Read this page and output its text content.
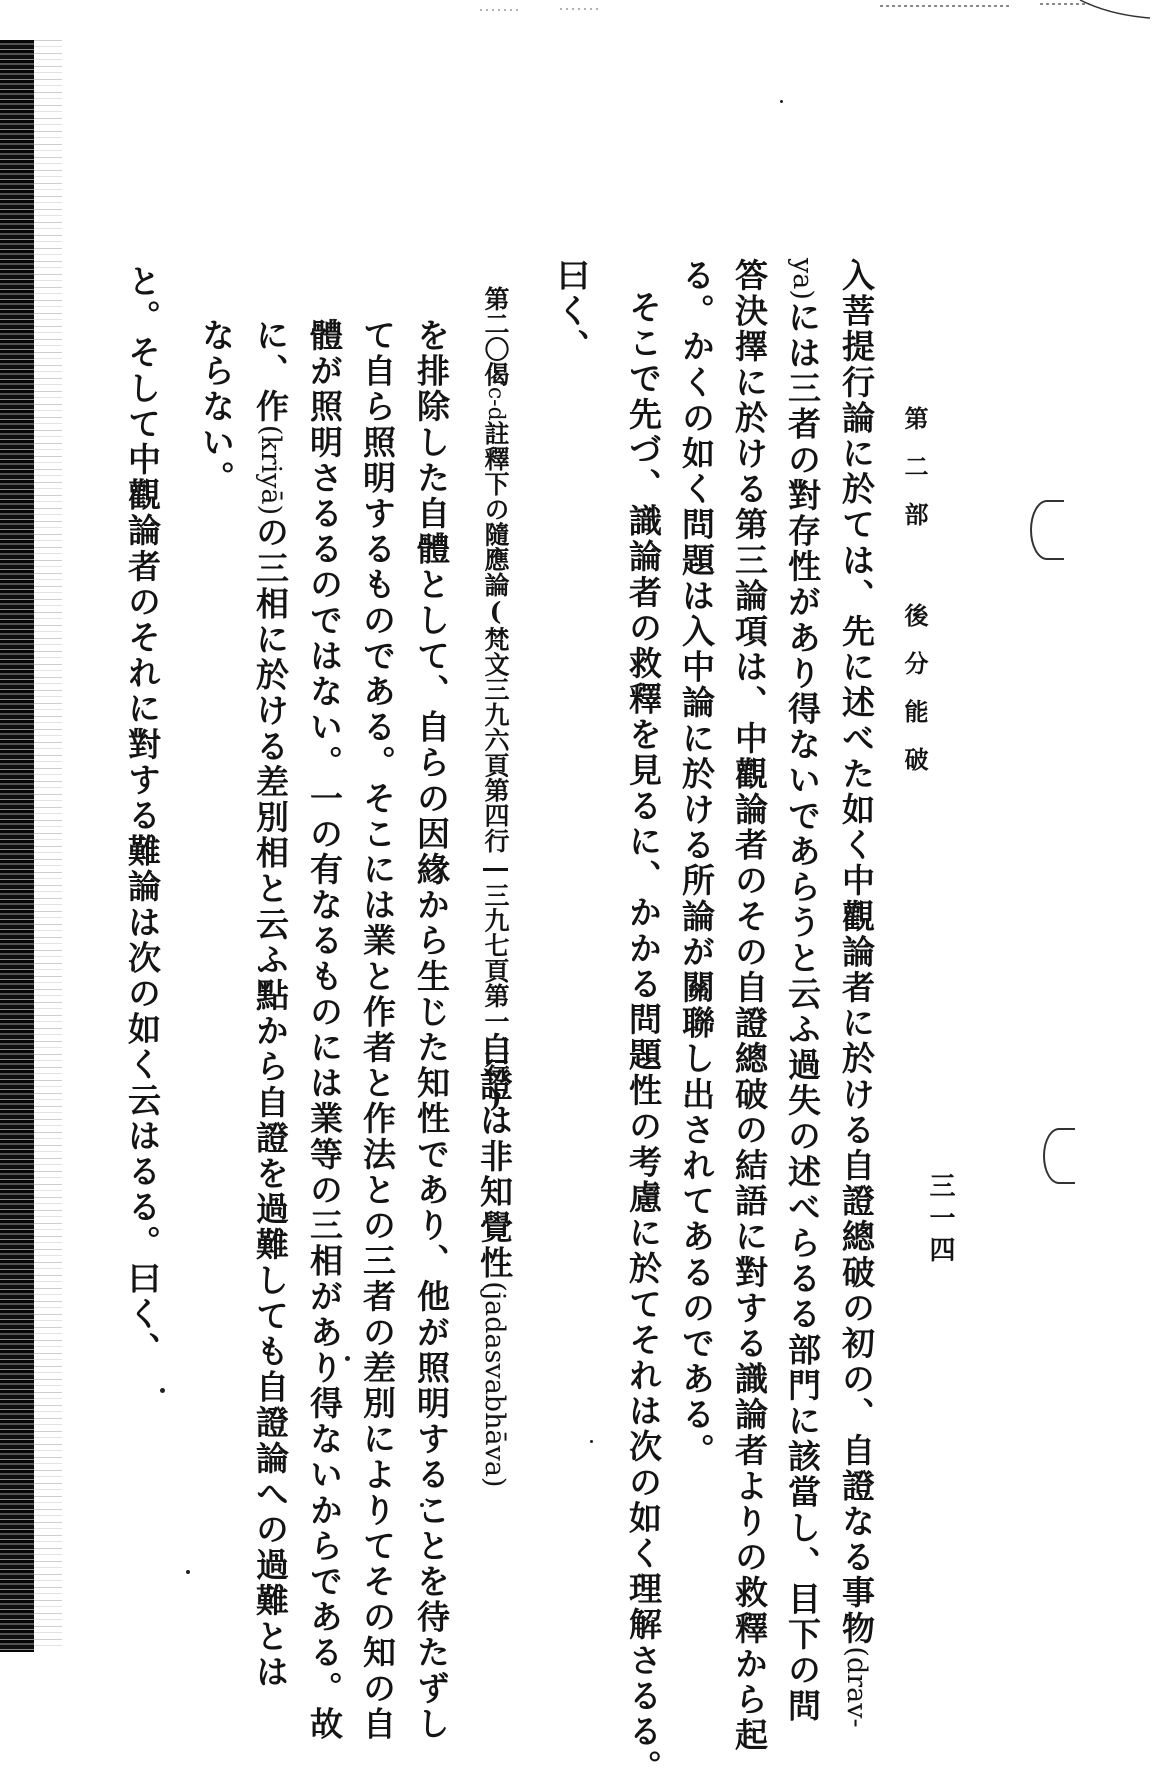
第二部 後分能破
三一四
入菩提行論に於ては、先に述べた如く中觀論者に於ける自證總破の初の、自證なる事物(drav-
ya)には三者の對存性があり得ないであらうと云ふ過失の述べらるる部門に該當し、目下の問
答決擇に於ける第三論項は、中觀論者のその自證總破の結語に對する識論者よりの救釋から起
る。かくの如く問題は入中論に於ける所論が關聯し出されてあるのである。
そこで先づ、識論者の救釋を見るに、かかる問題性の考慮に於てそれは次の如く理解さるる。
曰く、
第二〇偈c-d註釋下の隨應論(梵文三九六頁第四行―三九七頁第一二行)
自證は非知覺性(jadasvabhāva)
を排除した自體として、自らの因緣から生じた知性であり、他が照明することを待たずし
て自ら照明するものである。そこには業と作者と作法との三者の差別によりてその知の自
體が照明さるるのではない。一の有なるものには業等の三相があり得ないからである。故
に、作(kriyā)の三相に於ける差別相と云ふ點から自證を過難しても自證論への過難とは
ならない。
と。そして中觀論者のそれに對する難論は次の如く云はるる。曰く、
